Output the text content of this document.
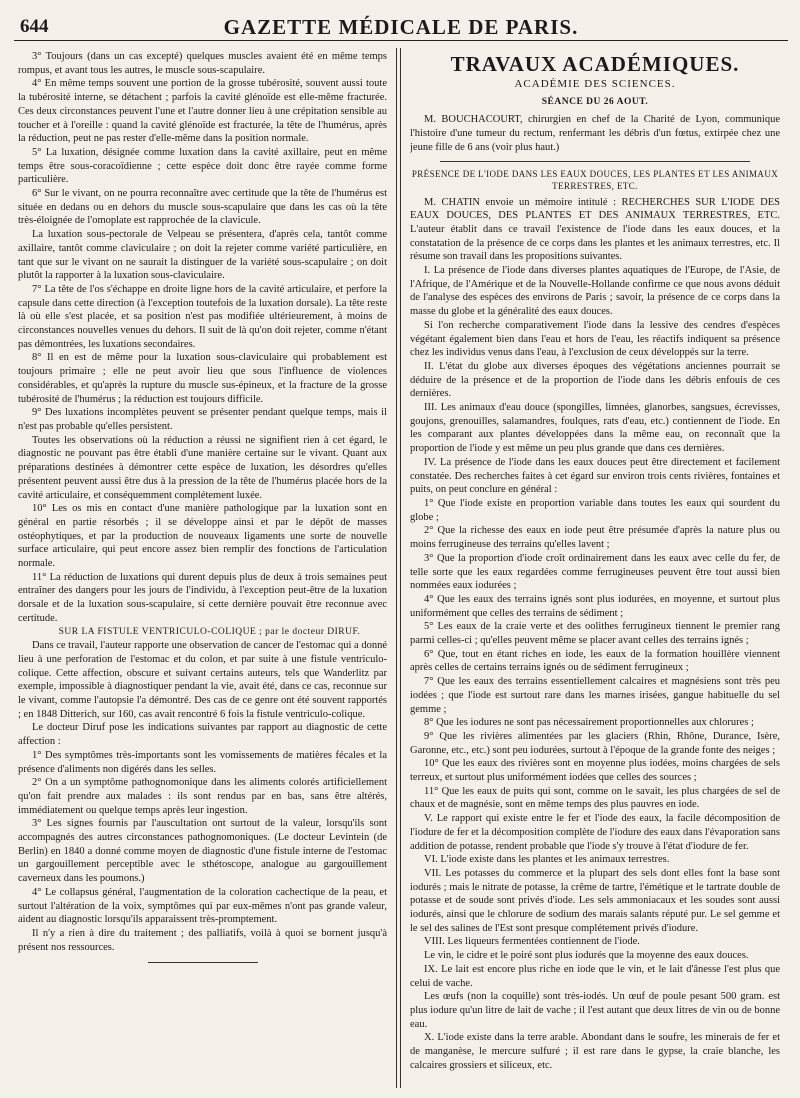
644	GAZETTE MÉDICALE DE PARIS.

3° Toujours (dans un cas excepté) quelques muscles avaient été en même temps rompus, et avant tous les autres, le muscle sous-scapulaire.

4° En même temps souvent une portion de la grosse tubérosité, souvent aussi toute la tubérosité interne, se détachent ; parfois la cavité glénoïde est elle-même fracturée. Ces deux circonstances peuvent l'une et l'autre donner lieu à une crépitation sensible au toucher et à l'oreille : quand la cavité glénoïde est fracturée, la tête de l'humérus, après la réduction, peut ne pas rester d'elle-même dans la position normale.

5° La luxation, désignée comme luxation dans la cavité axillaire, peut en même temps être sous-coracoïdienne ; cette espèce doit donc être rayée comme forme particulière.

6° Sur le vivant, on ne pourra reconnaître avec certitude que la tête de l'humérus est située en dedans ou en dehors du muscle sous-scapulaire que dans les cas où la tête très-éloignée de l'omoplate est rapprochée de la clavicule.

La luxation sous-pectorale de Velpeau se présentera, d'après cela, tantôt comme axillaire, tantôt comme claviculaire ; on doit la rejeter comme variété particulière, en tant que sur le vivant on ne saurait la distinguer de la variété sous-scapulaire ; on doit plutôt la rapporter à la luxation sous-claviculaire.

7° La tête de l'os s'échappe en droite ligne hors de la cavité articulaire, et perfore la capsule dans cette direction (à l'exception toutefois de la luxation dorsale). La tête reste là où elle s'est placée, et sa position n'est pas modifiée ultérieurement, à moins de circonstances nouvelles venues du dehors. Il suit de là qu'on doit rejeter, comme n'étant pas démontrées, les luxations secondaires.

8° Il en est de même pour la luxation sous-claviculaire qui probablement est toujours primaire ; elle ne peut avoir lieu que sous l'influence de violences considérables, et qu'après la rupture du muscle sus-épineux, et la fracture de la grosse tubérosité de l'humérus ; la réduction est toujours difficile.

9° Des luxations incomplètes peuvent se présenter pendant quelque temps, mais il n'est pas probable qu'elles persistent.

Toutes les observations où la réduction a réussi ne signifient rien à cet égard, le diagnostic ne pouvant pas être établi d'une manière certaine sur le vivant. Quant aux préparations destinées à démontrer cette espèce de luxation, les désordres qu'elles présentent peuvent aussi être dus à la pression de la tête de l'humérus placée hors de la cavité articulaire, et conséquemment complétement luxée.

10° Les os mis en contact d'une manière pathologique par la luxation sont en général en partie résorbés ; il se développe ainsi et par le dépôt de masses ostéophytiques, et par la production de nouveaux ligaments une sorte de nouvelle surface articulaire, qui peut encore assez bien remplir des fonctions de l'articulation normale.

11° La réduction de luxations qui durent depuis plus de deux à trois semaines peut entraîner des dangers pour les jours de l'individu, à l'exception peut-être de la luxation dorsale et de la luxation sous-scapulaire, si cette dernière pouvait être reconnue avec certitude.

SUR LA FISTULE VENTRICULO-COLIQUE ; par le docteur DIRUF.

Dans ce travail, l'auteur rapporte une observation de cancer de l'estomac qui a donné lieu à une perforation de l'estomac et du colon, et par suite à une fistule ventriculo-colique. Cette affection, obscure et suivant certains auteurs, tels que Wanderlitz par exemple, impossible à diagnostiquer pendant la vie, avait été, dans ce cas, reconnue sur le vivant, comme l'autopsie l'a démontré. Des cas de ce genre ont été souvent rapportés ; en 1848 Ditterich, sur 160, cas avait rencontré 6 fois la fistule ventriculo-colique.

Le docteur Diruf pose les indications suivantes par rapport au diagnostic de cette affection :

1° Des symptômes très-importants sont les vomissements de matières fécales et la présence d'aliments non digérés dans les selles.

2° On a un symptôme pathognomonique dans les aliments colorés artificiellement qu'on fait prendre aux malades : ils sont rendus par en bas, sans être altérés, immédiatement ou quelque temps après leur ingestion.

3° Les signes fournis par l'auscultation ont surtout de la valeur, lorsqu'ils sont accompagnés des autres circonstances pathognomoniques. (Le docteur Levintein (de Berlin) en 1840 a donné comme moyen de diagnostic d'une fistule interne de l'estomac un gargouillement perceptible avec le sthétoscope, analogue au gargouillement caverneux dans les poumons.)

4° Le collapsus général, l'augmentation de la coloration cachectique de la peau, et surtout l'altération de la voix, symptômes qui par eux-mêmes n'ont pas grande valeur, aident au diagnostic lorsqu'ils apparaissent très-promptement.

Il n'y a rien à dire du traitement ; des palliatifs, voilà à quoi se bornent jusqu'à présent nos ressources.

TRAVAUX ACADÉMIQUES.
ACADÉMIE DES SCIENCES.
SÉANCE DU 26 AOUT.

M. BOUCHACOURT, chirurgien en chef de la Charité de Lyon, communique l'histoire d'une tumeur du rectum, renfermant les débris d'un fœtus, extirpée chez une jeune fille de 6 ans (voir plus haut.)

PRÉSENCE DE L'IODE DANS LES EAUX DOUCES, LES PLANTES ET LES ANIMAUX TERRESTRES, ETC.

M. CHATIN envoie un mémoire intitulé : RECHERCHES SUR L'IODE DES EAUX DOUCES, DES PLANTES ET DES ANIMAUX TERRESTRES, ETC. L'auteur établit dans ce travail l'existence de l'iode dans les eaux douces, et la constatation de la présence de ce corps dans les plantes et les animaux terrestres, etc. Il résume son travail dans les propositions suivantes.

I. La présence de l'iode dans diverses plantes aquatiques de l'Europe, de l'Asie, de l'Afrique, de l'Amérique et de la Nouvelle-Hollande confirme ce que nous avons déduit de l'analyse des espèces des environs de Paris ; savoir, la présence de ce corps dans la masse du globe et la généralité des eaux douces.

Si l'on recherche comparativement l'iode dans la lessive des cendres d'espèces végétant également bien dans l'eau et hors de l'eau, les réactifs indiquent sa présence chez les individus venus dans l'eau, à l'exclusion de ceux développés sur la terre.

II. L'état du globe aux diverses époques des végétations anciennes pourrait se déduire de la présence et de la proportion de l'iode dans les débris enfouis de ces dernières.

III. Les animaux d'eau douce (spongilles, limnées, glanorbes, sangsues, écrevisses, goujons, grenouilles, salamandres, foulques, rats d'eau, etc.) contiennent de l'iode. En les comparant aux plantes développées dans la même eau, on reconnaît que la proportion de l'iode y est même un peu plus grande que dans ces dernières.

IV. La présence de l'iode dans les eaux douces peut être directement et facilement constatée. Des recherches faites à cet égard sur environ trois cents rivières, fontaines et puits, on peut conclure en général :

1° Que l'iode existe en proportion variable dans toutes les eaux qui sourdent du globe ;

2° Que la richesse des eaux en iode peut être présumée d'après la nature plus ou moins ferrugineuse des terrains qu'elles lavent ;

3° Que la proportion d'iode croît ordinairement dans les eaux avec celle du fer, de telle sorte que les eaux regardées comme ferrugineuses peuvent être tout aussi bien nommées eaux iodurées ;

4° Que les eaux des terrains ignés sont plus iodurées, en moyenne, et surtout plus uniformément que celles des terrains de sédiment ;

5° Les eaux de la craie verte et des oolithes ferrugineux tiennent le premier rang parmi celles-ci ; qu'elles peuvent même se placer avant celles des terrains ignés ;

6° Que, tout en étant riches en iode, les eaux de la formation houillère viennent après celles de certains terrains ignés ou de sédiment ferrugineux ;

7° Que les eaux des terrains essentiellement calcaires et magnésiens sont très peu iodées ; que l'iode est surtout rare dans les marnes irisées, gangue habituelle du sel gemme ;

8° Que les iodures ne sont pas nécessairement proportionnelles aux chlorures ;

9° Que les rivières alimentées par les glaciers (Rhin, Rhône, Durance, Isère, Garonne, etc., etc.) sont peu iodurées, surtout à l'époque de la grande fonte des neiges ;

10° Que les eaux des rivières sont en moyenne plus iodées, moins chargées de sels terreux, et surtout plus uniformément iodées que celles des sources ;

11° Que les eaux de puits qui sont, comme on le savait, les plus chargées de sel de chaux et de magnésie, sont en même temps des plus pauvres en iode.

V. Le rapport qui existe entre le fer et l'iode des eaux, la facile décomposition de l'iodure de fer et la décomposition complète de l'iodure des eaux dans l'évaporation sans addition de potasse, rendent probable que l'iode s'y trouve à l'état d'iodure de fer.

VI. L'iode existe dans les plantes et les animaux terrestres.

VII. Les potasses du commerce et la plupart des sels dont elles font la base sont iodurés ; mais le nitrate de potasse, la crême de tartre, l'émétique et le tartrate double de potasse et de soude sont privés d'iode. Les sels ammoniacaux et les soudes sont aussi iodurés, ainsi que le chlorure de sodium des marais salants réputé pur. Le sel gemme et le sel des salines de l'Est sont presque complétement privés d'iodure.

VIII. Les liqueurs fermentées contiennent de l'iode.

Le vin, le cidre et le poiré sont plus iodurés que la moyenne des eaux douces.

IX. Le lait est encore plus riche en iode que le vin, et le lait d'ânesse l'est plus que celui de vache.

Les œufs (non la coquille) sont très-iodés. Un œuf de poule pesant 500 gram. est plus iodure qu'un litre de lait de vache ; il l'est autant que deux litres de vin ou de bonne eau.

X. L'iode existe dans la terre arable. Abondant dans le soufre, les minerais de fer et de manganèse, le mercure sulfuré ; il est rare dans le gypse, la craie blanche, les calcaires grossiers et siliceux, etc.
